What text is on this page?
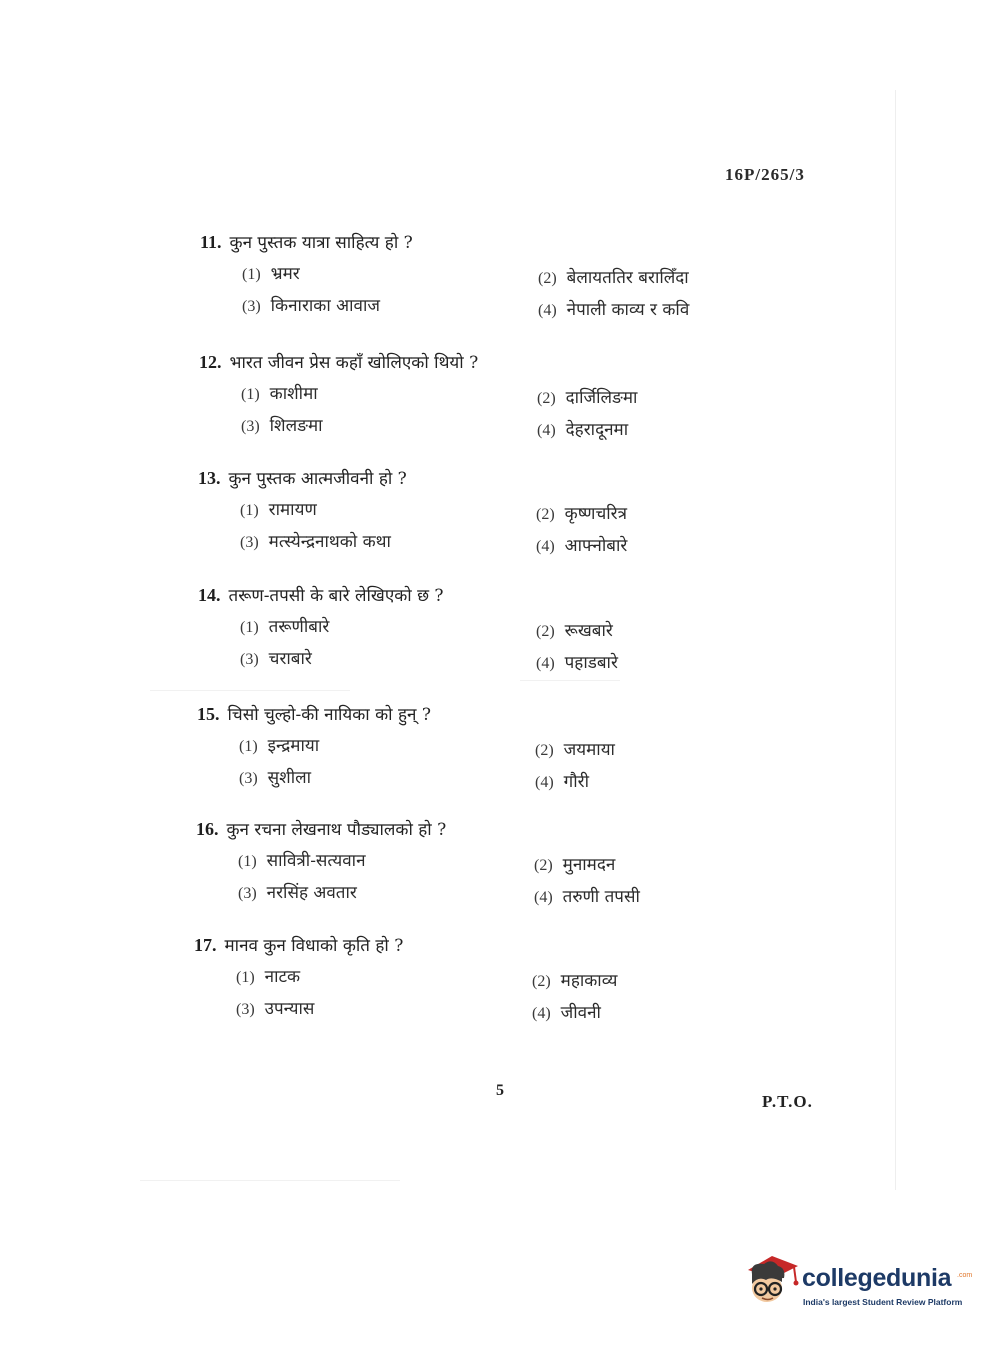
16P/265/3
11. कुन पुस्तक यात्रा साहित्य हो ?
(1) भ्रमर	(2) बेलायततिर बरालिँदा
(3) किनाराका आवाज	(4) नेपाली काव्य र कवि
12. भारत जीवन प्रेस कहाँ खोलिएको थियो ?
(1) काशीमा	(2) दार्जिलिङमा
(3) शिलङमा	(4) देहरादूनमा
13. कुन पुस्तक आत्मजीवनी हो ?
(1) रामायण	(2) कृष्णचरित्र
(3) मत्स्येन्द्रनाथको कथा	(4) आफ्नोबारे
14. तरूण-तपसी के बारे लेखिएको छ ?
(1) तरूणीबारे	(2) रूखबारे
(3) चराबारे	(4) पहाडबारे
15. चिसो चुल्हो-की नायिका को हुन् ?
(1) इन्द्रमाया	(2) जयमाया
(3) सुशीला	(4) गौरी
16. कुन रचना लेखनाथ पौड्यालको हो ?
(1) सावित्री-सत्यवान	(2) मुनामदन
(3) नरसिंह अवतार	(4) तरुणी तपसी
17. मानव कुन विधाको कृति हो ?
(1) नाटक	(2) महाकाव्य
(3) उपन्यास	(4) जीवनी
5
P.T.O.
collegedunia .com
India's largest Student Review Platform
